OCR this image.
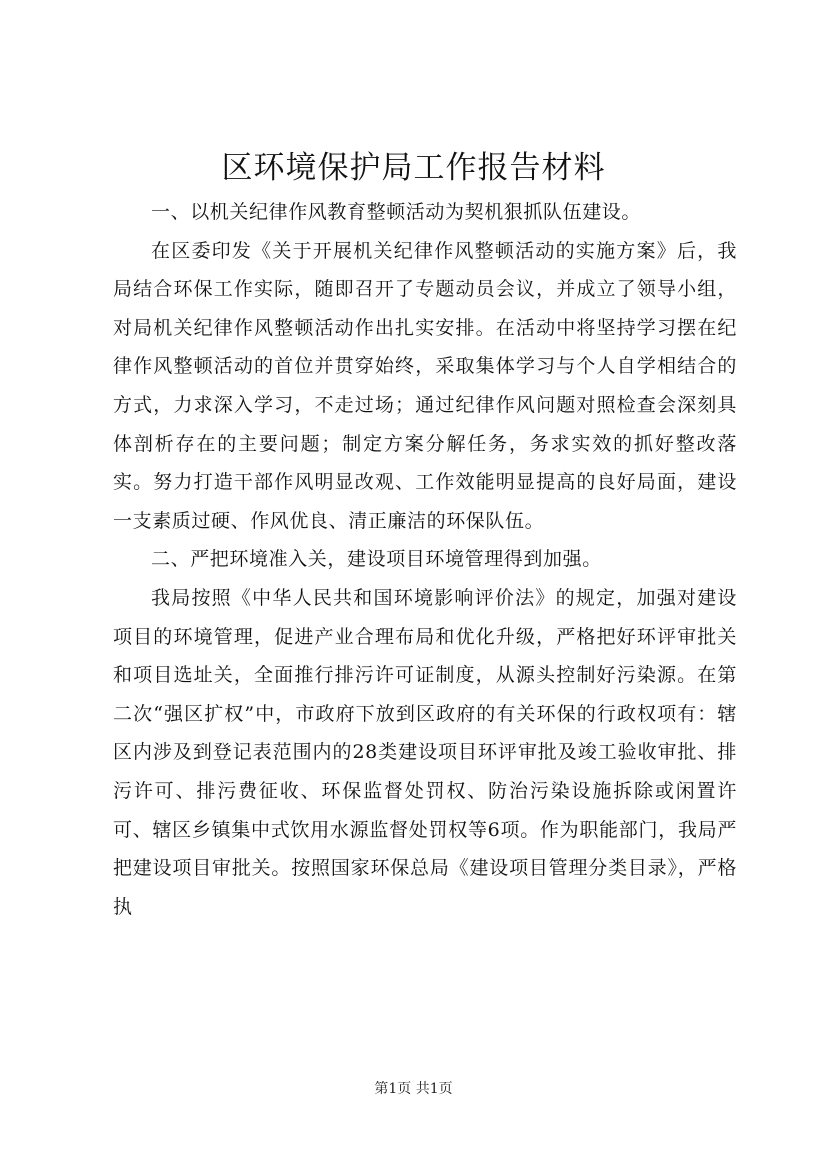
区环境保护局工作报告材料

一、以机关纪律作风教育整顿活动为契机狠抓队伍建设。

在区委印发《关于开展机关纪律作风整顿活动的实施方案》后，我局结合环保工作实际，随即召开了专题动员会议，并成立了领导小组，对局机关纪律作风整顿活动作出扎实安排。在活动中将坚持学习摆在纪律作风整顿活动的首位并贯穿始终，采取集体学习与个人自学相结合的方式，力求深入学习，不走过场；通过纪律作风问题对照检查会深刻具体剖析存在的主要问题；制定方案分解任务，务求实效的抓好整改落实。努力打造干部作风明显改观、工作效能明显提高的良好局面，建设一支素质过硬、作风优良、清正廉洁的环保队伍。

二、严把环境准入关，建设项目环境管理得到加强。

我局按照《中华人民共和国环境影响评价法》的规定，加强对建设项目的环境管理，促进产业合理布局和优化升级，严格把好环评审批关和项目选址关，全面推行排污许可证制度，从源头控制好污染源。在第二次“强区扩权”中，市政府下放到区政府的有关环保的行政权项有：辖区内涉及到登记表范围内的28类建设项目环评审批及竣工验收审批、排污许可、排污费征收、环保监督处罚权、防治污染设施拆除或闲置许可、辖区乡镇集中式饮用水源监督处罚权等6项。作为职能部门，我局严把建设项目审批关。按照国家环保总局《建设项目管理分类目录》，严格执

第1页 共1页
